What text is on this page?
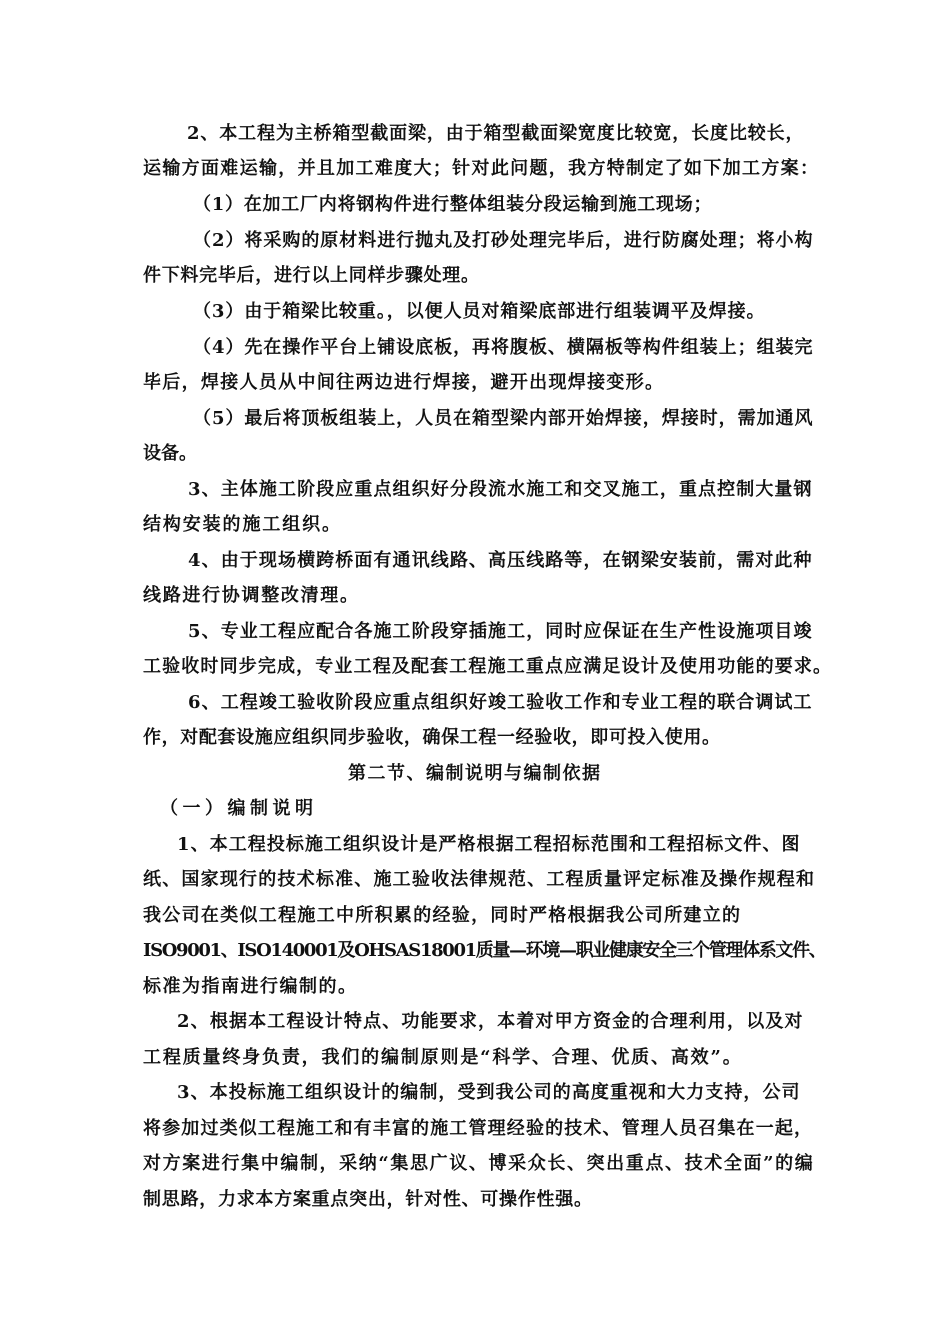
2、本工程为主桥箱型截面梁，由于箱型截面梁宽度比较宽，长度比较长，

运输方面难运输，并且加工难度大；针对此问题，我方特制定了如下加工方案：

（1）在加工厂内将钢构件进行整体组装分段运输到施工现场；

（2）将采购的原材料进行抛丸及打砂处理完毕后，进行防腐处理；将小构

件下料完毕后，进行以上同样步骤处理。

（3）由于箱梁比较重。，以便人员对箱梁底部进行组装调平及焊接。

（4）先在操作平台上铺设底板，再将腹板、横隔板等构件组装上；组装完

毕后，焊接人员从中间往两边进行焊接，避开出现焊接变形。

（5）最后将顶板组装上，人员在箱型梁内部开始焊接，焊接时，需加通风

设备。

3、主体施工阶段应重点组织好分段流水施工和交叉施工，重点控制大量钢

结构安装的施工组织。

4、由于现场横跨桥面有通讯线路、高压线路等，在钢梁安装前，需对此种

线路进行协调整改清理。

5、专业工程应配合各施工阶段穿插施工，同时应保证在生产性设施项目竣

工验收时同步完成，专业工程及配套工程施工重点应满足设计及使用功能的要求。

6、工程竣工验收阶段应重点组织好竣工验收工作和专业工程的联合调试工

作，对配套设施应组织同步验收，确保工程一经验收，即可投入使用。

第二节、编制说明与编制依据

（一）编制说明

1、本工程投标施工组织设计是严格根据工程招标范围和工程招标文件、图

纸、国家现行的技术标准、施工验收法律规范、工程质量评定标准及操作规程和

我公司在类似工程施工中所积累的经验，同时严格根据我公司所建立的

ISO9001、ISO140001及OHSAS18001质量—环境—职业健康安全三个管理体系文件、

标准为指南进行编制的。

2、根据本工程设计特点、功能要求，本着对甲方资金的合理利用，以及对

工程质量终身负责，我们的编制原则是“科学、合理、优质、高效”。

3、本投标施工组织设计的编制，受到我公司的高度重视和大力支持，公司

将参加过类似工程施工和有丰富的施工管理经验的技术、管理人员召集在一起，

对方案进行集中编制，采纳“集思广议、博采众长、突出重点、技术全面”的编

制思路，力求本方案重点突出，针对性、可操作性强。
